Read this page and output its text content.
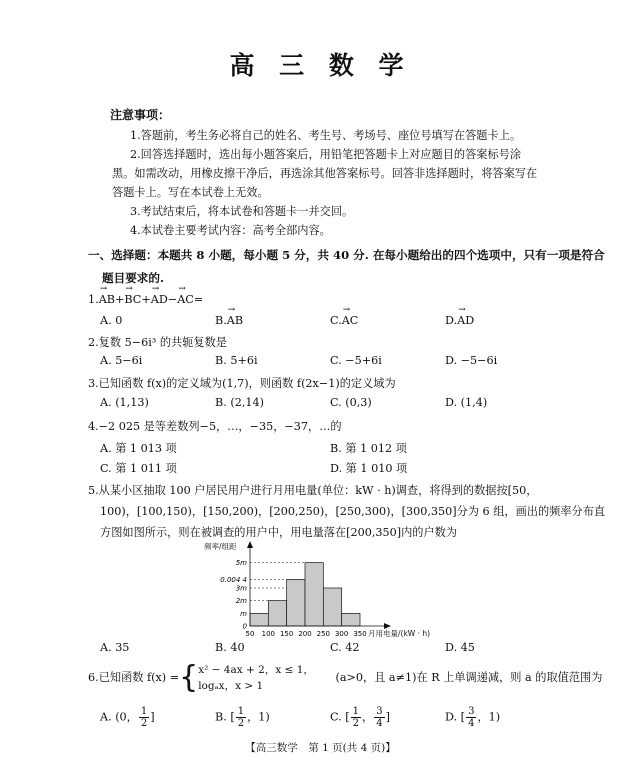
高 三 数 学
注意事项：
1.答题前，考生务必将自己的姓名、考生号、考场号、座位号填写在答题卡上。
2.回答选择题时，选出每小题答案后，用铅笔把答题卡上对应题目的答案标号涂
黑。如需改动，用橡皮擦干净后，再选涂其他答案标号。回答非选择题时，将答案写在
答题卡上。写在本试卷上无效。
3.考试结束后，将本试卷和答题卡一并交回。
4.本试卷主要考试内容：高考全部内容。
一、选择题：本题共 8 小题，每小题 5 分，共 40 分. 在每小题给出的四个选项中，只有一项是符合
题目要求的.
1.→ AB+→ BC+→ AD−→ AC=
A. 0	B.→ AB	C.→ AC	D.→ AD
2.复数 5−6i³ 的共轭复数是
A. 5−6i	B. 5+6i	C. −5+6i	D. −5−6i
3.已知函数 f(x)的定义域为(1,7)，则函数 f(2x−1)的定义域为
A. (1,13)	B. (2,14)	C. (0,3)	D. (1,4)
4.−2 025 是等差数列−5，…，−35，−37，…的
A. 第 1 013 项	B. 第 1 012 项
C. 第 1 011 项	D. 第 1 010 项
5.从某小区抽取 100 户居民用户进行月用电量(单位：kW · h)调查，将得到的数据按[50，
100)，[100,150)，[150,200)，[200,250)，[250,300)，[300,350]分为 6 组，画出的频率分布直
方图如图所示，则在被调查的用户中，用电量落在[200,350]内的户数为
0
m
2m
3m
0.004 4
5m
50 100 150 200 250 300 350
频率/组距
月用电量/(kW · h)
A. 35	B. 40	C. 42	D. 45
6.已知函数 f(x) ={ x² − 4ax + 2，x ≤ 1，
logₐx，x > 1
(a>0，且 a≠1)在 R 上单调递减，则 a 的取值范围为
A. (0， $\frac{1}{2}$ ]	B. [ $\frac{1}{2}$ ，1)	C. [ $\frac{1}{2}$ ， $\frac{3}{4}$ ]	D. [ $\frac{3}{4}$ ，1)
【高三数学　第 1 页(共 4 页)】
